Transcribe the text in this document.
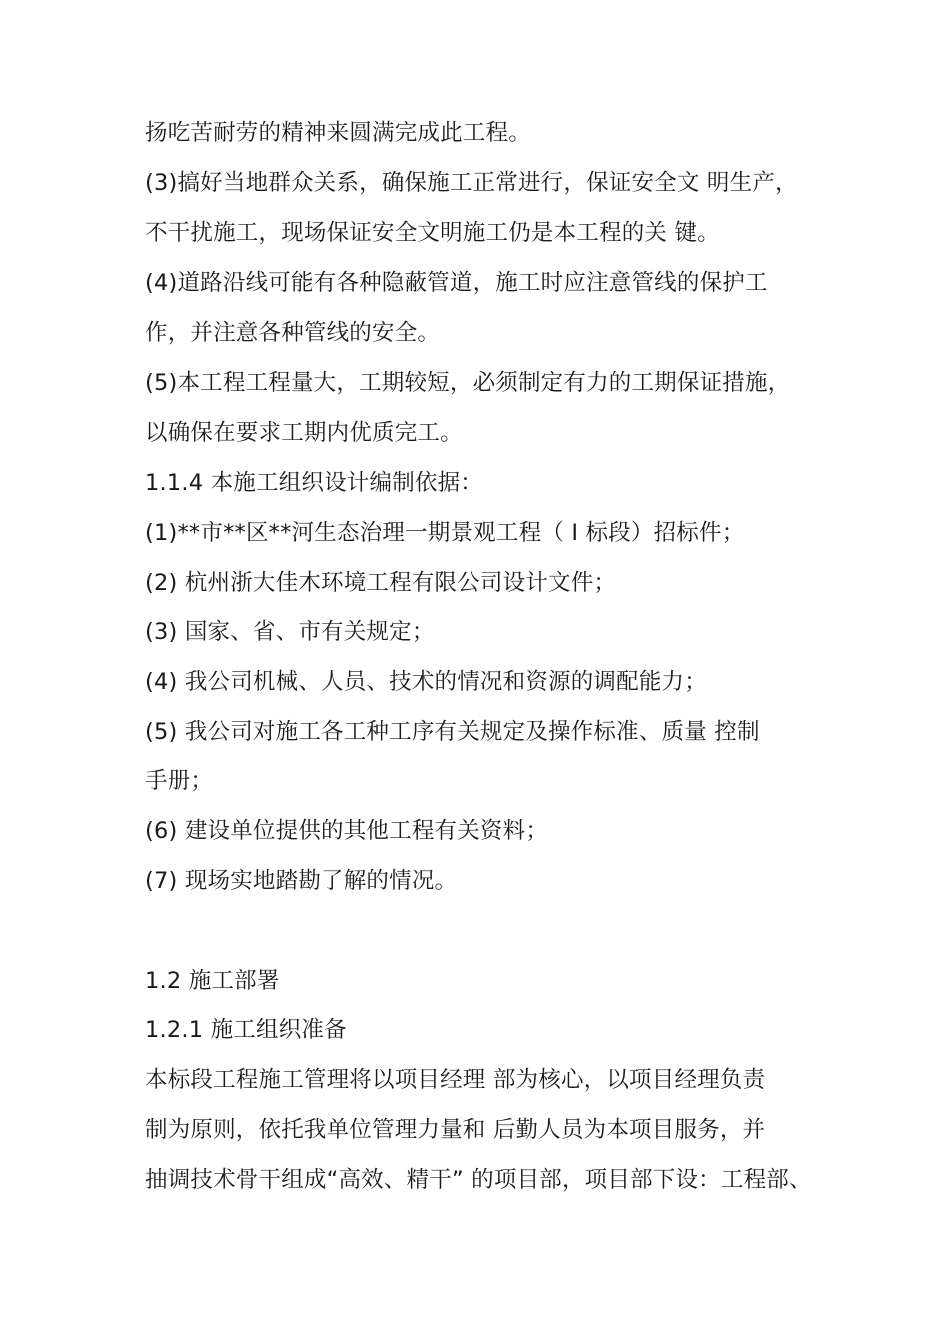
扬吃苦耐劳的精神来圆满完成此工程。
(3)搞好当地群众关系，确保施工正常进行，保证安全文 明生产，
不干扰施工，现场保证安全文明施工仍是本工程的关 键。
(4)道路沿线可能有各种隐蔽管道，施工时应注意管线的保护工
作，并注意各种管线的安全。
(5)本工程工程量大，工期较短，必须制定有力的工期保证措施，
以确保在要求工期内优质完工。
1.1.4 本施工组织设计编制依据：
(1)**市**区**河生态治理一期景观工程（ I 标段）招标件；
(2) 杭州浙大佳木环境工程有限公司设计文件；
(3) 国家、省、市有关规定；
(4) 我公司机械、人员、技术的情况和资源的调配能力；
(5) 我公司对施工各工种工序有关规定及操作标准、质量 控制
手册；
(6) 建设单位提供的其他工程有关资料；
(7) 现场实地踏勘了解的情况。
1.2 施工部署
1.2.1 施工组织准备
本标段工程施工管理将以项目经理 部为核心，以项目经理负责
制为原则，依托我单位管理力量和 后勤人员为本项目服务，并
抽调技术骨干组成“高效、精干” 的项目部，项目部下设：工程部、
